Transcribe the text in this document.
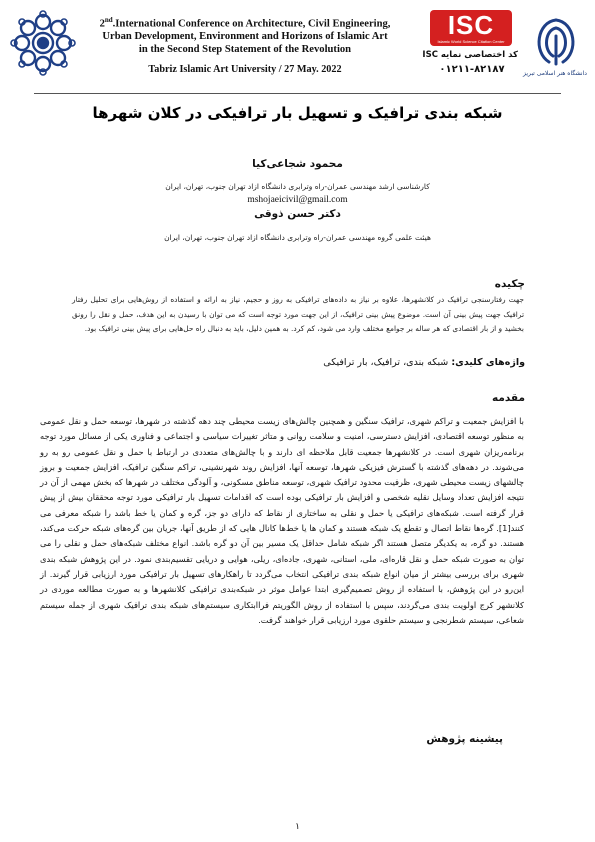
2nd.International Conference on Architecture, Civil Engineering,
Urban Development, Environment and Horizons of Islamic Art
in the Second Step Statement of the Revolution
Tabriz Islamic Art University / 27 May. 2022
ISC
Islamic World Science Citation Center
کد اختصاصی نمایه ISC
۰۱۲۱۱-۸۲۱۸۷	دانشگاه هنر اسلامی تبریز
شبکه بندی ترافیک و تسهیل بار ترافیکی در کلان شهرها
محمود شجاعی‌کیا
کارشناسی ارشد مهندسی عمران-راه وترابری دانشگاه ازاد تهران جنوب، تهران، ایران
mshojaeicivil@gmail.com
دکتر حسن ذوقی
هیئت علمی گروه مهندسی عمران-راه وترابری دانشگاه ازاد تهران جنوب، تهران، ایران
چکیده
جهت رفتارسنجی ترافیک در کلانشهرها، علاوه بر نیاز به داده‌های ترافیکی به روز و حجیم، نیاز به ارائه و استفاده از روش‌هایی برای تحلیل رفتار ترافیک جهت پیش بینی آن است. موضوع پیش بینی ترافیک، از این جهت مورد توجه است که می توان با رسیدن به این هدف، حمل و نقل را رونق بخشید و از بار اقتصادی که هر ساله بر جوامع مختلف وارد می شود، کم کرد. به همین دلیل، باید به دنبال راه حل‌هایی برای پیش بینی ترافیک بود.
واژه‌های کلیدی: شبکه بندی، ترافیک، بار ترافیکی
مقدمه
با افزایش جمعیت و تراکم شهری، ترافیک سنگین و همچنین چالش‌های زیست محیطی چند دهه گذشته در شهرها، توسعه حمل و نقل عمومی به منظور توسعه اقتصادی، افزایش دسترسی، امنیت و سلامت روانی و متاثر تغییرات سیاسی و اجتماعی و فناوری یکی از مسائل مورد توجه برنامه‌ریزان شهری است. در کلانشهرها جمعیت قابل ملاحظه ای دارند و با چالش‌های متعددی در ارتباط با حمل و نقل عمومی رو به رو می‌شوند. در دهه‌های گذشته با گسترش فیزیکی شهرها، توسعه آنها، افزایش روند شهرنشینی، تراکم سنگین ترافیک، افزایش جمعیت و بروز چالشهای زیست محیطی شهری، ظرفیت محدود ترافیک شهری، توسعه مناطق مسکونی، و آلودگی مختلف در شهرها که بخش مهمی از آن در نتیجه افزایش تعداد وسایل نقلیه شخصی و افزایش بار ترافیکی بوده است که اقدامات تسهیل بار ترافیکی مورد توجه محققان بیش از پیش قرار گرفته است. شبکه‌های ترافیکی یا حمل و نقلی به ساختاری از نقاط که دارای دو جز، گره و کمان یا خط باشد را شبکه معرفی می کنند[1]. گره‌ها نقاط اتصال و تقطع یک شبکه هستند و کمان ها یا خط‌ها کانال هایی که از طریق آنها، جریان بین گره‌های شبکه حرکت می‌کند، هستند. دو گره، به یکدیگر متصل هستند اگر شبکه شامل حداقل یک مسیر بین آن دو گره باشد. انواع مختلف شبکه‌های حمل و نقلی را می توان به صورت شبکه حمل و نقل قاره‌ای، ملی، استانی، شهری، جاده‌ای، ریلی، هوایی و دریایی تقسیم‌بندی نمود. در این پژوهش شبکه بندی شهری برای بررسی بیشتر از میان انواع شبکه بندی ترافیکی انتخاب می‌گردد تا راهکارهای تسهیل بار ترافیکی مورد ارزیابی قرار گیرند. از این‌رو در این پژوهش، با استفاده از روش تصمیم‌گیری ابتدا عوامل موثر در شبکه‌بندی ترافیکی کلانشهرها و به صورت مطالعه موردی در کلانشهر کرج اولویت بندی می‌گردند، سپس با استفاده از روش الگوریتم فراابتکاری سیستم‌های شبکه بندی ترافیک شهری از جمله سیستم شعاعی، سیستم شطرنجی و سیستم حلقوی مورد ارزیابی قرار خواهند گرفت.
پیشینه پژوهش
۱
